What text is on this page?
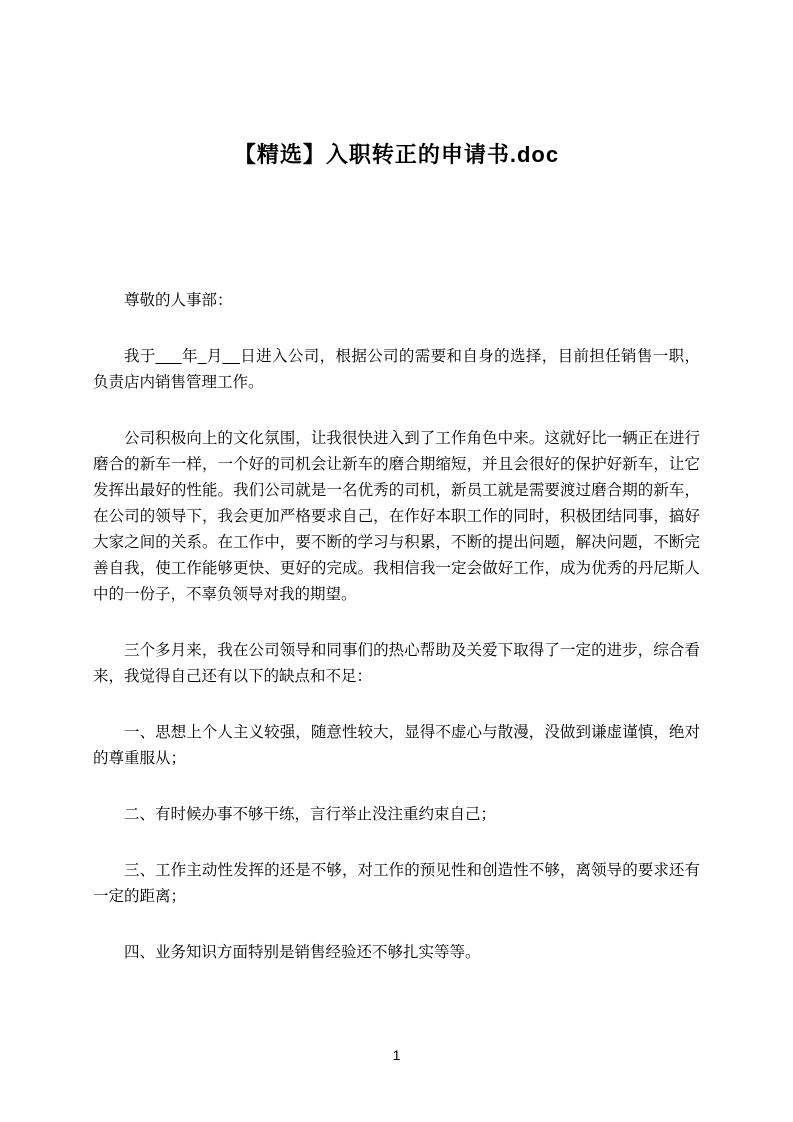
【精选】入职转正的申请书.doc

尊敬的人事部：

我于___年_月__日进入公司，根据公司的需要和自身的选择，目前担任销售一职，负责店内销售管理工作。

公司积极向上的文化氛围，让我很快进入到了工作角色中来。这就好比一辆正在进行磨合的新车一样，一个好的司机会让新车的磨合期缩短，并且会很好的保护好新车，让它发挥出最好的性能。我们公司就是一名优秀的司机，新员工就是需要渡过磨合期的新车，在公司的领导下，我会更加严格要求自己，在作好本职工作的同时，积极团结同事，搞好大家之间的关系。在工作中，要不断的学习与积累，不断的提出问题，解决问题，不断完善自我，使工作能够更快、更好的完成。我相信我一定会做好工作，成为优秀的丹尼斯人中的一份子，不辜负领导对我的期望。

三个多月来，我在公司领导和同事们的热心帮助及关爱下取得了一定的进步，综合看来，我觉得自己还有以下的缺点和不足：

一、思想上个人主义较强，随意性较大，显得不虚心与散漫，没做到谦虚谨慎，绝对的尊重服从；

二、有时候办事不够干练，言行举止没注重约束自己；

三、工作主动性发挥的还是不够，对工作的预见性和创造性不够，离领导的要求还有一定的距离；

四、业务知识方面特别是销售经验还不够扎实等等。

1
